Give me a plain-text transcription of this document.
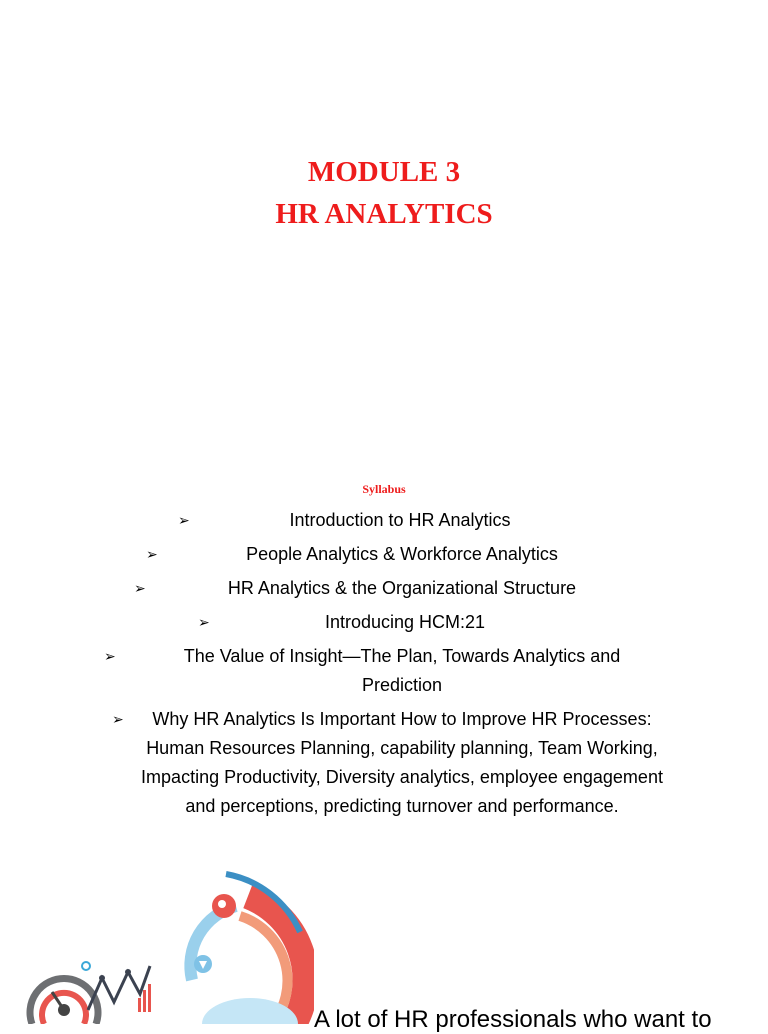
MODULE 3
HR ANALYTICS
Syllabus
➢	Introduction to HR Analytics
➢	People Analytics & Workforce Analytics
➢	HR Analytics & the Organizational Structure
➢	Introducing HCM:21
➢	The Value of Insight—The Plan, Towards Analytics and Prediction
➢	Why HR Analytics Is Important How to Improve HR Processes: Human Resources Planning, capability planning, Team Working, Impacting Productivity, Diversity analytics, employee engagement and perceptions, predicting turnover and performance.
A lot of HR professionals who want to
